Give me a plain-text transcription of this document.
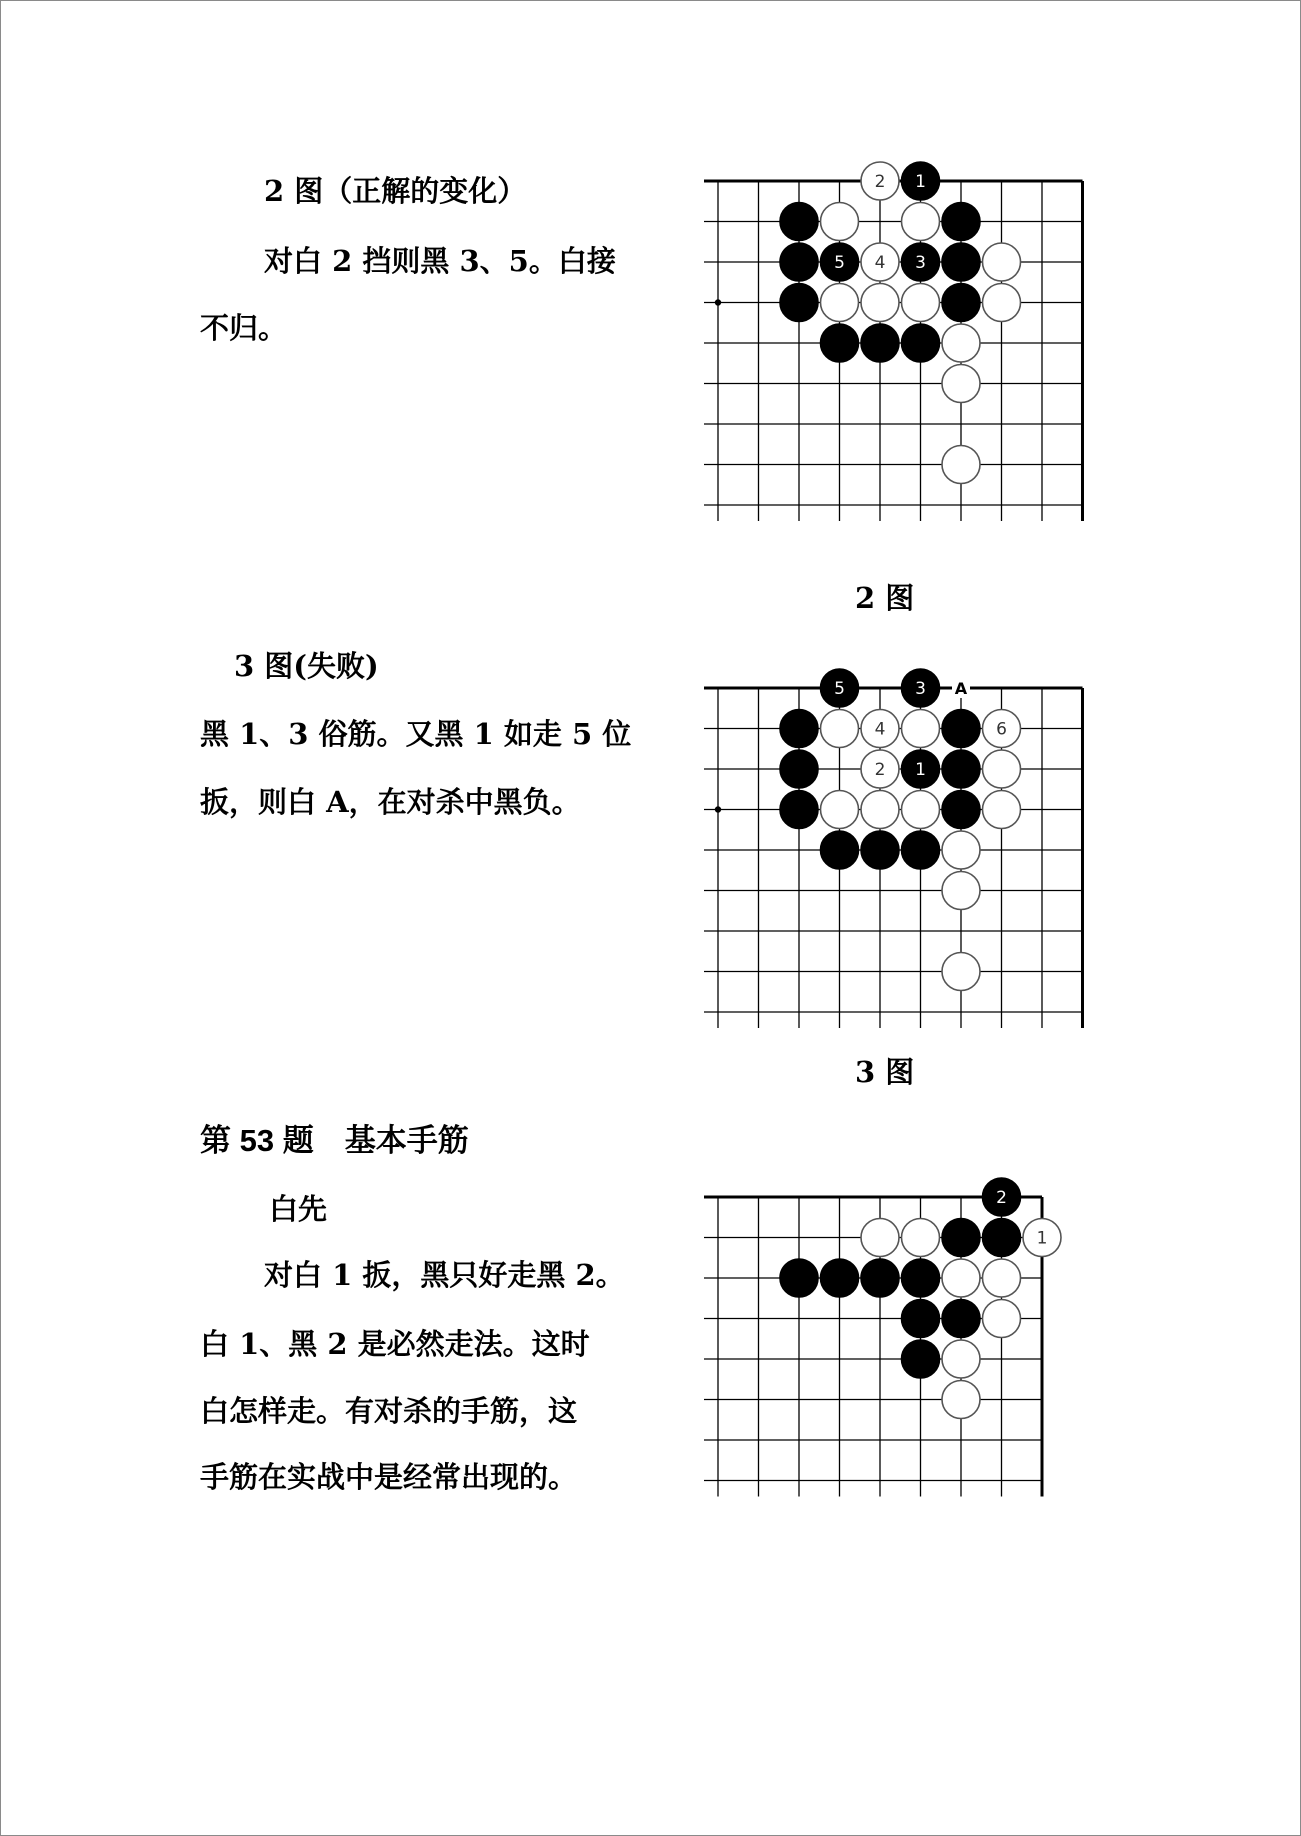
2 图（正解的变化）
对白 2 挡则黑 3、5。白接
不归。
2 1
5 4 3
2 图
3 图(失败)
黑 1、3 俗筋。又黑 1 如走 5 位
扳，则白 A，在对杀中黑负。
A
5	3
4	6
2 1
3 图
第 53 题　基本手筋
白先
对白 1 扳，黑只好走黑 2。
白 1、黑 2 是必然走法。这时
白怎样走。有对杀的手筋，这
手筋在实战中是经常出现的。
2
1
